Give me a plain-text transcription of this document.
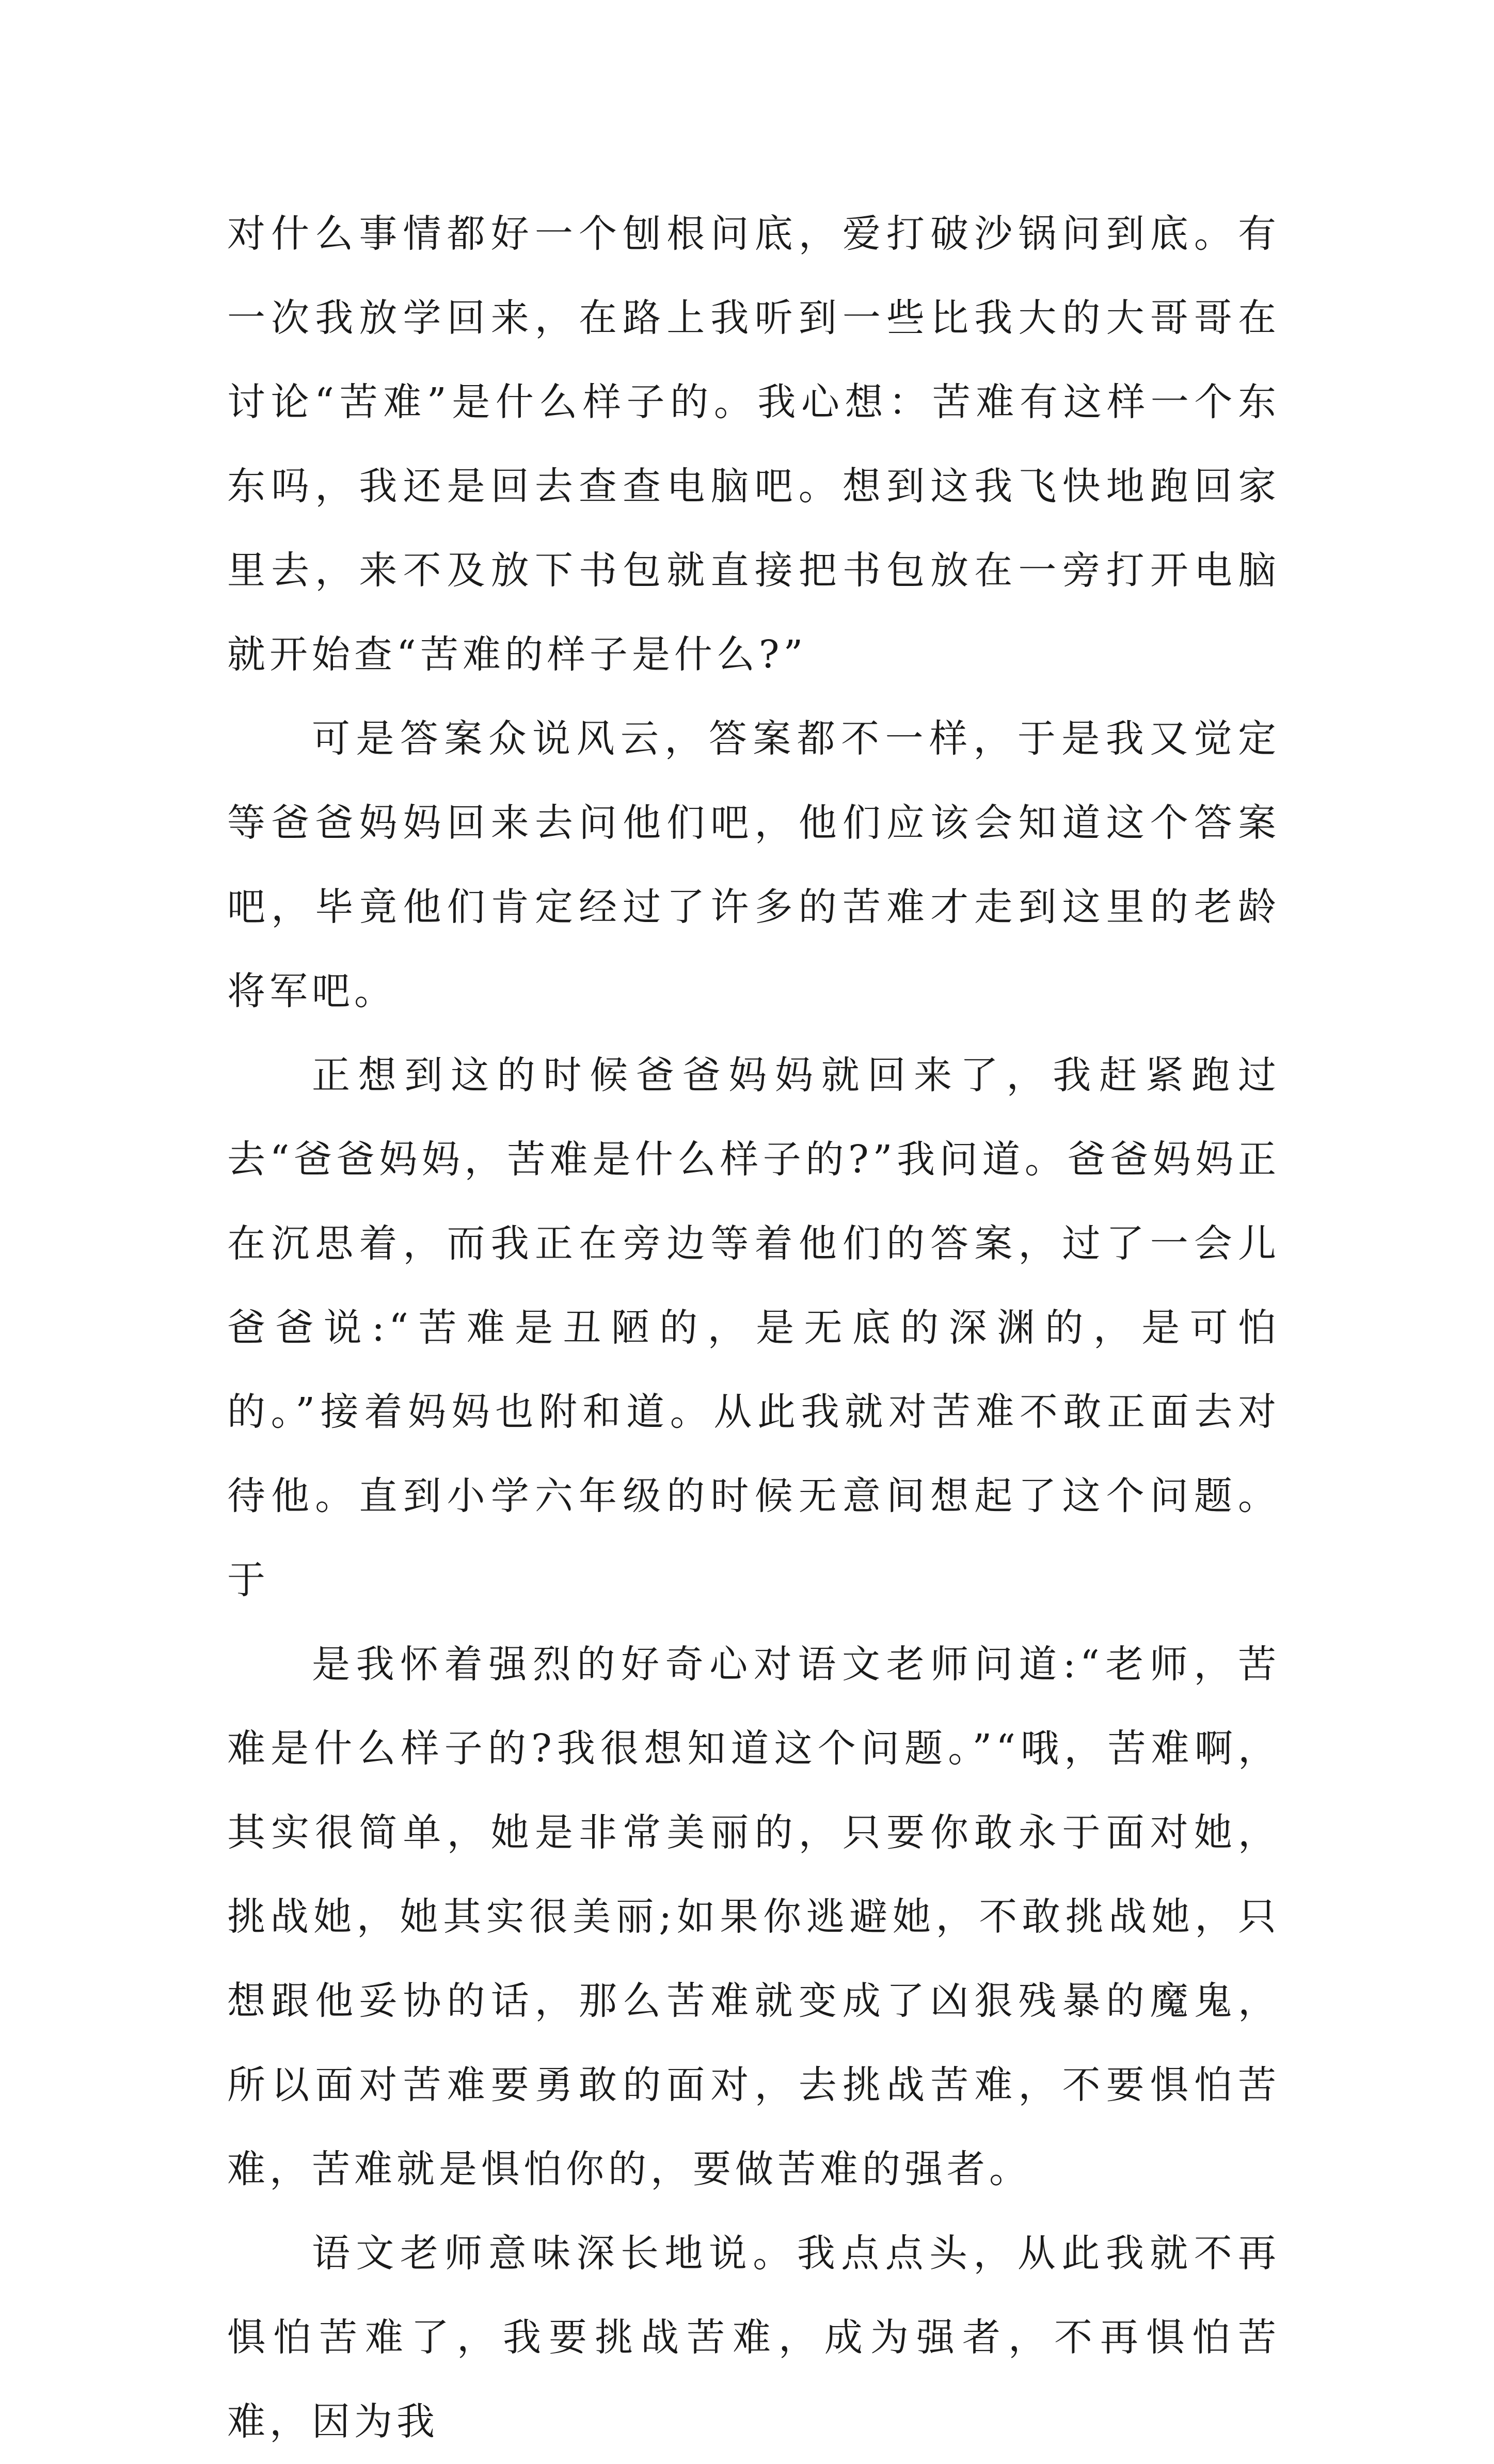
对什么事情都好一个刨根问底，爱打破沙锅问到底。有一次我放学回来，在路上我听到一些比我大的大哥哥在讨论“苦难”是什么样子的。我心想：苦难有这样一个东东吗，我还是回去查查电脑吧。想到这我飞快地跑回家里去，来不及放下书包就直接把书包放在一旁打开电脑就开始查“苦难的样子是什么?”

可是答案众说风云，答案都不一样，于是我又觉定等爸爸妈妈回来去问他们吧，他们应该会知道这个答案吧，毕竟他们肯定经过了许多的苦难才走到这里的老龄将军吧。

正想到这的时候爸爸妈妈就回来了，我赶紧跑过去“爸爸妈妈，苦难是什么样子的?”我问道。爸爸妈妈正在沉思着，而我正在旁边等着他们的答案，过了一会儿爸爸说:“苦难是丑陋的，是无底的深渊的，是可怕的。”接着妈妈也附和道。从此我就对苦难不敢正面去对待他。直到小学六年级的时候无意间想起了这个问题。于

是我怀着强烈的好奇心对语文老师问道:“老师，苦难是什么样子的?我很想知道这个问题。”“哦，苦难啊，其实很简单，她是非常美丽的，只要你敢永于面对她，挑战她，她其实很美丽;如果你逃避她，不敢挑战她，只想跟他妥协的话，那么苦难就变成了凶狠残暴的魔鬼，所以面对苦难要勇敢的面对，去挑战苦难，不要惧怕苦难，苦难就是惧怕你的，要做苦难的强者。

语文老师意味深长地说。我点点头，从此我就不再惧怕苦难了，我要挑战苦难，成为强者，不再惧怕苦难，因为我
